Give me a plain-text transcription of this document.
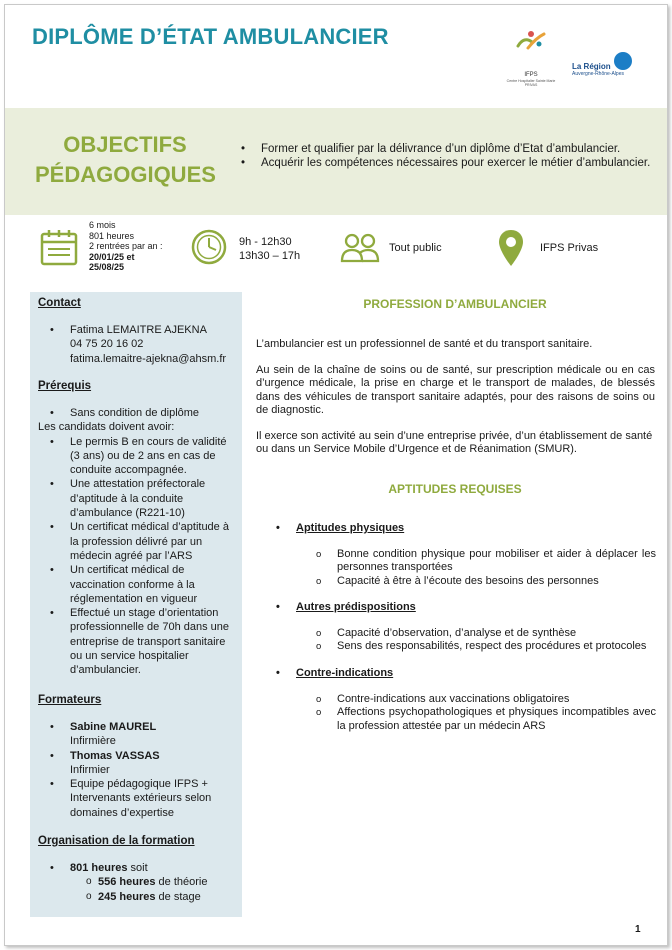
DIPLÔME D’ÉTAT AMBULANCIER
IFPS
Centre Hospitalier Sainte Marie PRIVAS
La Région
Auvergne-Rhône-Alpes
OBJECTIFS PÉDAGOGIQUES
• Former et qualifier par la délivrance d’un diplôme d’Etat d’ambulancier.
• Acquérir les compétences nécessaires pour exercer le métier d’ambulancier.
6 mois
801 heures
2 rentrées par an :
20/01/25 et 25/08/25
9h - 12h30
13h30 – 17h
Tout public	IFPS Privas
Contact
• Fatima LEMAITRE AJEKNA
04 75 20 16 02
fatima.lemaitre-ajekna@ahsm.fr
Prérequis
• Sans condition de diplôme
Les candidats doivent avoir:
• Le permis B en cours de validité (3 ans) ou de 2 ans en cas de conduite accompagnée.
• Une attestation préfectorale d’aptitude à la conduite d’ambulance (R221-10)
• Un certificat médical d’aptitude à la profession délivré par un médecin agréé par l’ARS
• Un certificat médical de vaccination conforme à la réglementation en vigueur
• Effectué un stage d’orientation professionnelle de 70h dans une entreprise de transport sanitaire ou un service hospitalier d’ambulancier.
Formateurs
• Sabine MAUREL
Infirmière
• Thomas VASSAS
Infirmier
• Equipe pédagogique IFPS + Intervenants extérieurs selon domaines d’expertise
Organisation de la formation
• 801 heures soit
o 556 heures de théorie
o 245 heures de stage
PROFESSION D’AMBULANCIER

L’ambulancier est un professionnel de santé et du transport sanitaire.

Au sein de la chaîne de soins ou de santé, sur prescription médicale ou en cas d’urgence médicale, la prise en charge et le transport de malades, de blessés dans des véhicules de transport sanitaire adaptés, pour des raisons de soins ou de diagnostic.

Il exerce son activité au sein d’une entreprise privée, d’un établissement de santé ou dans un Service Mobile d’Urgence et de Réanimation (SMUR).

APTITUDES REQUISES
• Aptitudes physiques
o Bonne condition physique pour mobiliser et aider à déplacer les personnes transportées
o Capacité à être à l’écoute des besoins des personnes
• Autres prédispositions
o Capacité d’observation, d’analyse et de synthèse
o Sens des responsabilités, respect des procédures et protocoles
• Contre-indications
o Contre-indications aux vaccinations obligatoires
o Affections psychopathologiques et physiques incompatibles avec la profession attestée par un médecin ARS
1
